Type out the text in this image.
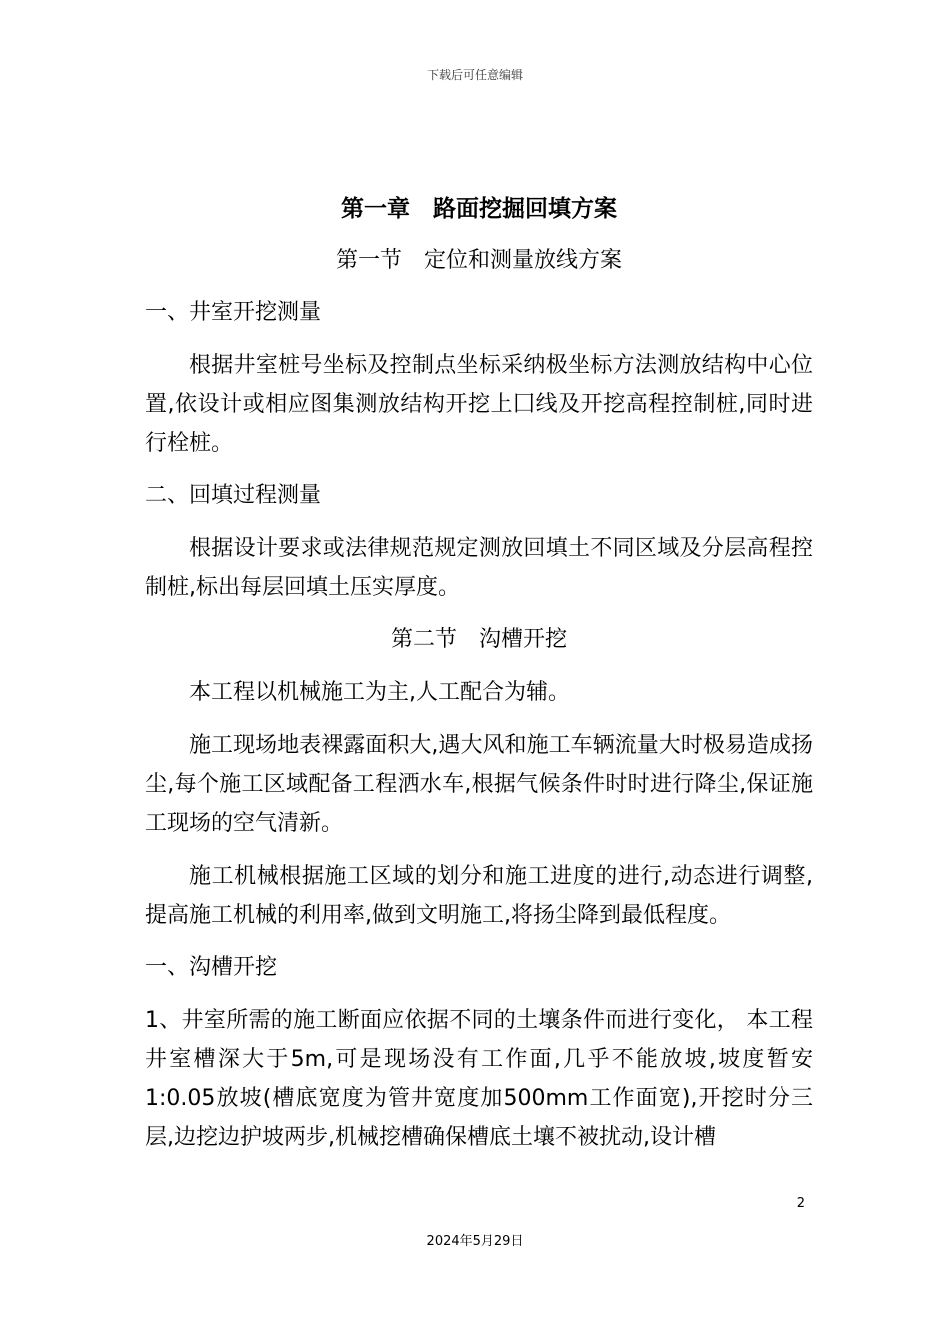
下载后可任意编辑
第一章　路面挖掘回填方案
第一节　定位和测量放线方案
一、井室开挖测量

根据井室桩号坐标及控制点坐标采纳极坐标方法测放结构中心位置,依设计或相应图集测放结构开挖上囗线及开挖高程控制桩,同时进行栓桩。

二、回填过程测量

根据设计要求或法律规范规定测放回填土不同区域及分层高程控制桩,标出每层回填土压实厚度。

第二节　沟槽开挖

本工程以机械施工为主,人工配合为辅。

施工现场地表裸露面积大,遇大风和施工车辆流量大时极易造成扬尘,每个施工区域配备工程洒水车,根据气候条件时时进行降尘,保证施工现场的空气清新。

施工机械根据施工区域的划分和施工进度的进行,动态进行调整,提高施工机械的利用率,做到文明施工,将扬尘降到最低程度。

一、沟槽开挖

1、井室所需的施工断面应依据不同的土壤条件而进行变化， 本工程井室槽深大于5m,可是现场没有工作面,几乎不能放坡,坡度暂安1:0.05放坡(槽底宽度为管井宽度加500mm工作面宽),开挖时分三层,边挖边护坡两步,机械挖槽确保槽底土壤不被扰动,设计槽

2
2024年5月29日
